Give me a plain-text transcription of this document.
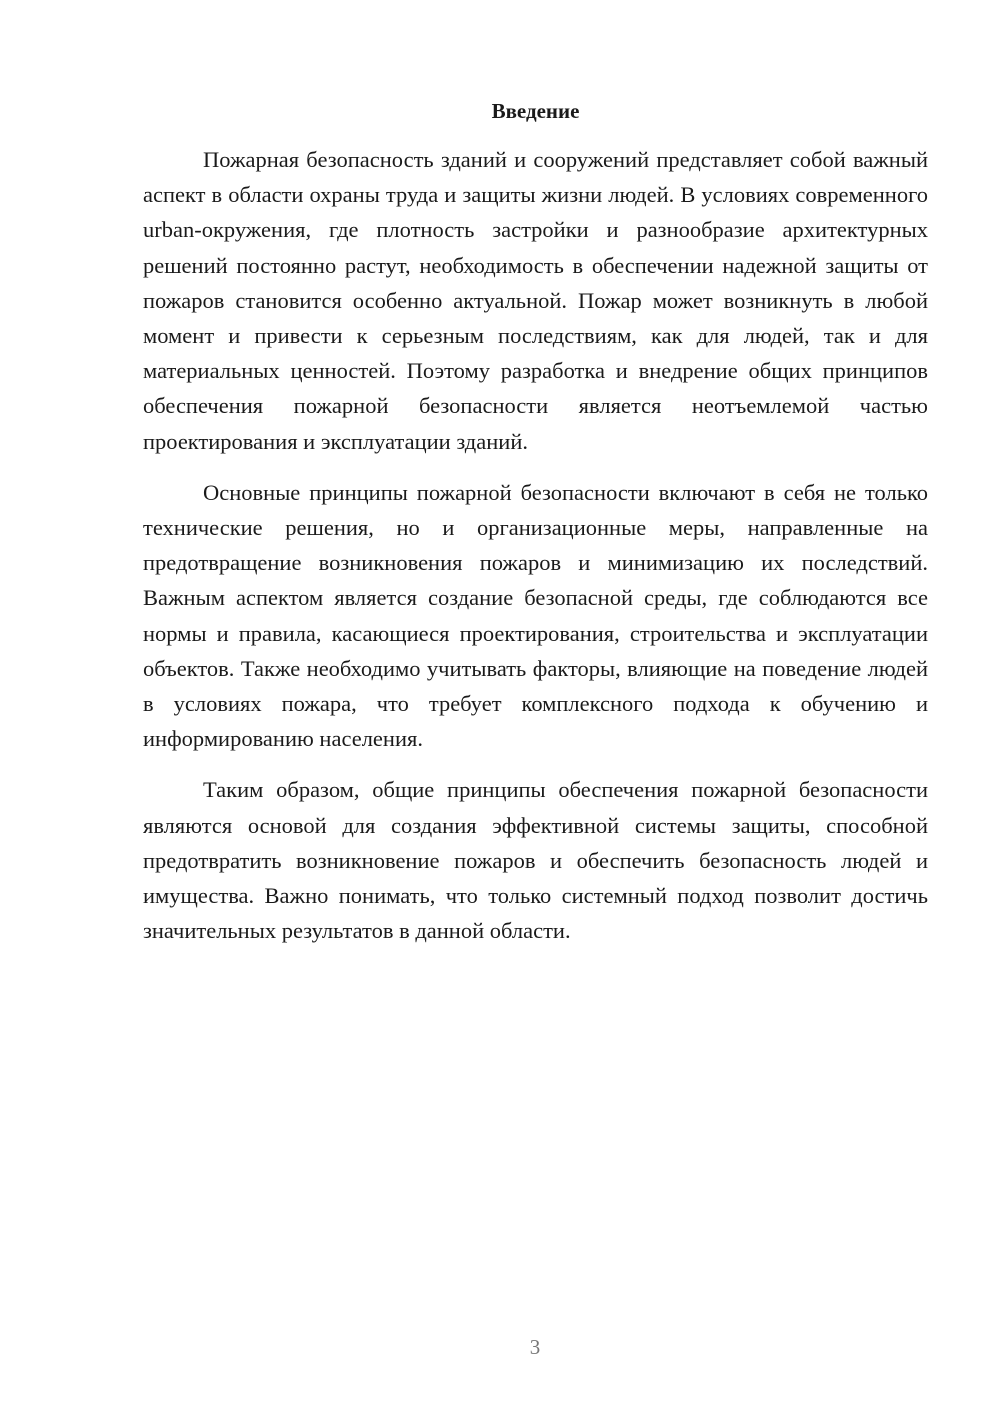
Введение

Пожарная безопасность зданий и сооружений представляет собой важный аспект в области охраны труда и защиты жизни людей. В условиях современного urban-окружения, где плотность застройки и разнообразие архитектурных решений постоянно растут, необходимость в обеспечении надежной защиты от пожаров становится особенно актуальной. Пожар может возникнуть в любой момент и привести к серьезным последствиям, как для людей, так и для материальных ценностей. Поэтому разработка и внедрение общих принципов обеспечения пожарной безопасности является неотъемлемой частью проектирования и эксплуатации зданий.

Основные принципы пожарной безопасности включают в себя не только технические решения, но и организационные меры, направленные на предотвращение возникновения пожаров и минимизацию их последствий. Важным аспектом является создание безопасной среды, где соблюдаются все нормы и правила, касающиеся проектирования, строительства и эксплуатации объектов. Также необходимо учитывать факторы, влияющие на поведение людей в условиях пожара, что требует комплексного подхода к обучению и информированию населения.

Таким образом, общие принципы обеспечения пожарной безопасности являются основой для создания эффективной системы защиты, способной предотвратить возникновение пожаров и обеспечить безопасность людей и имущества. Важно понимать, что только системный подход позволит достичь значительных результатов в данной области.

3
